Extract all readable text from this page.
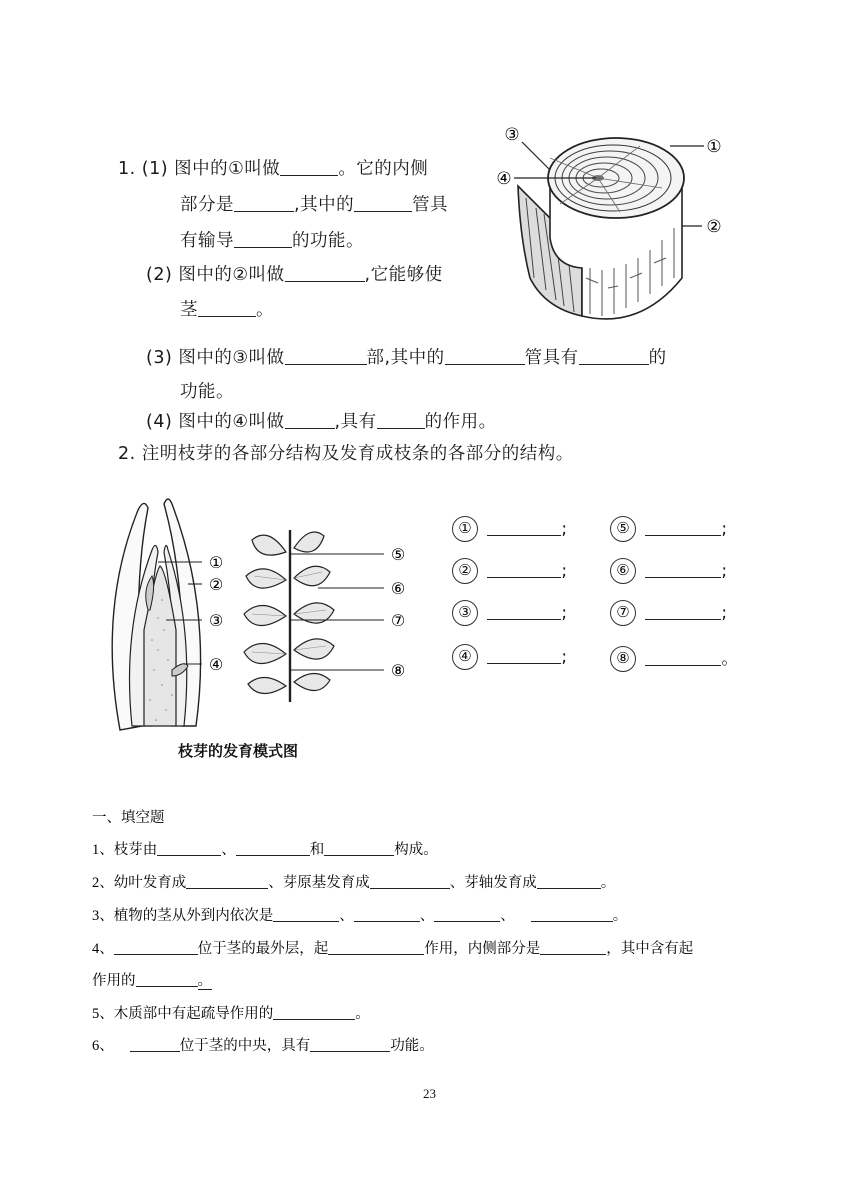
1. (1) 图中的①叫做	。它的内侧
部分是	,其中的	管具
有输导	的功能。
(2) 图中的②叫做	,它能够使
茎	。
(3) 图中的③叫做	部,其中的	管具有	的
功能。
(4) 图中的④叫做	,具有	的作用。
2. 注明枝芽的各部分结构及发育成枝条的各部分的结构。
③
①
④
②
①
②
③
④
⑤
⑥
⑦
⑧
枝芽的发育模式图
①	;	⑤	;
②	;	⑥	;
③	;	⑦	;
④	;	⑧	。
一、填空题
1、枝芽由	、	和	构成。
2、幼叶发育成	、芽原基发育成	、芽轴发育成	。
3、植物的茎从外到内依次是	、	、	、	。
4、	位于茎的最外层，起	作用，内侧部分是	，其中含有起
作用的	。
5、木质部中有起疏导作用的	。
6、	位于茎的中央，具有	功能。
23
